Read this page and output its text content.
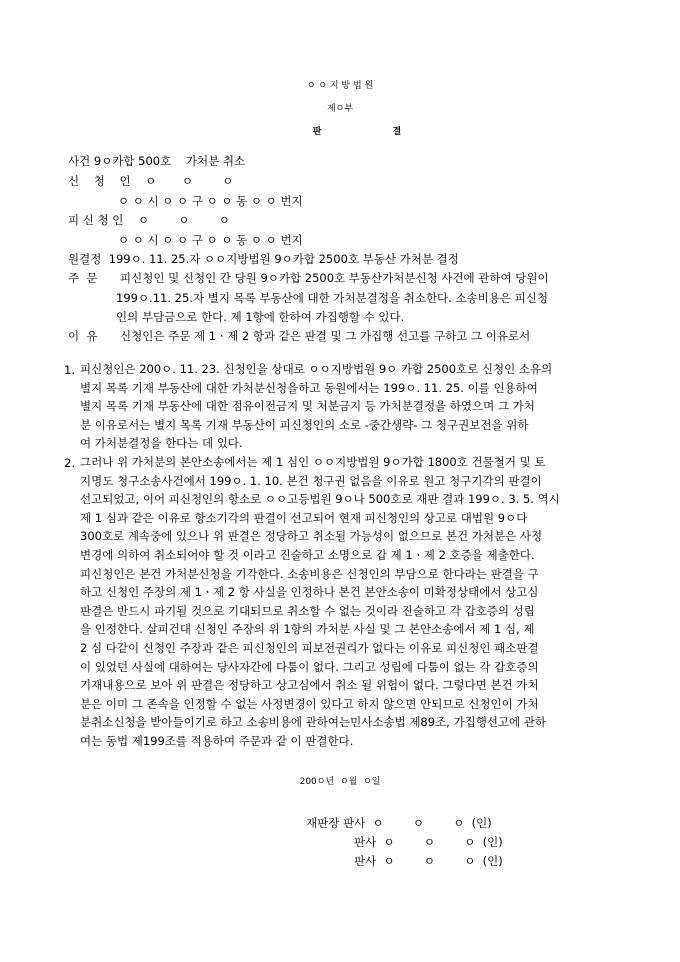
ㅇ ㅇ 지 방 법 원
제ㅇ부
판 결
사건 9ㅇ카합 500호    가처분 취소
신    청    인    ㅇ       ㅇ        ㅇ
ㅇ ㅇ 시 ㅇ ㅇ 구 ㅇ ㅇ 동 ㅇ ㅇ 번지
피 신 청 인    ㅇ        ㅇ        ㅇ
ㅇ ㅇ 시 ㅇ ㅇ 구 ㅇ ㅇ 동 ㅇ ㅇ 번지
원결정  199ㅇ. 11. 25.자 ㅇㅇ지방법원 9ㅇ카합 2500호 부동산 가처분 결정
주  문 피신청인 및 신청인 간 당원 9ㅇ카합 2500호 부동산가처분신청 사건에 관하여 당원이
199ㅇ.11. 25.자 별지 목록 부동산에 대한 가처분결정을 취소한다. 소송비용은 피신청
인의 부담금으로 한다. 제 1항에 한하여 가집행할 수 있다.
이  유 신청인은 주문 제 1ㆍ제 2 항과 같은 판결 및 그 가집행 선고를 구하고 그 이유로서
1. 피신청인은 200ㅇ. 11. 23. 신청인을 상대로 ㅇㅇ지방법원 9ㅇ 카합 2500호로 신청인 소유의

별지 목록 기재 부동산에 대한 가처분신청을하고 동원에서는 199ㅇ. 11. 25. 이를 인용하여

별지 목록 기재 부동산에 대한 점유이전금지 및 처분금지 등 가처분결정을 하였으며 그 가처

분 이유로서는 별지 목록 기재 부동산이 피신청인의 소로 -중간생략- 그 청구권보전을 위하

여 가처분결정을 한다는 데 있다.

2. 그러나 위 가처분의 본안소송에서는 제 1 심인 ㅇㅇ지방법원 9ㅇ가합 1800호 건물철거 및 토

지명도 청구소송사건에서 199ㅇ. 1. 10. 본건 청구권 없음을 이유로 원고 청구기각의 판결이

선고되었고, 이어 피신청인의 항소로 ㅇㅇ고등법원 9ㅇ나 500호로 재판 결과 199ㅇ. 3. 5. 역시

제 1 심과 같은 이유로 항소기각의 판결이 선고되어 현재 피신청인의 상고로 대법원 9ㅇ다

300호로 계속중에 있으나 위 판결은 정당하고 취소될 가능성이 없으므로 본건 가처분은 사정

변경에 의하여 취소되어야 할 것 이라고 진술하고 소명으로 갑 제 1ㆍ제 2 호증을 제출한다.

피신청인은 본건 가처분신청을 기각한다. 소송비용은 신청인의 부담으로 한다라는 판결을 구

하고 신청인 주장의 제 1ㆍ제 2 항 사실을 인정하나 본건 본안소송이 미확정상태에서 상고심

판결은 반드시 파기될 것으로 기대되므로 취소할 수 없는 것이라 진술하고 각 갑호증의 성립

을 인정한다. 살피건대 신청인 주장의 위 1항의 가처분 사실 및 그 본안소송에서 제 1 심, 제

2 심 다같이 신청인 주장과 같은 피신청인의 피보전권리가 없다는 이유로 피신청인 패소판결

이 있었던 사실에 대하여는 당사자간에 다툼이 없다. 그리고 성립에 다툼이 없는 각 갑호증의

기재내용으로 보아 위 판결은 정당하고 상고심에서 취소 될 위험이 없다. 그렇다면 본건 가처

분은 이미 그 존속을 인정할 수 없는 사정변경이 있다고 하지 않으면 안되므로 신청인이 가처

분취소신청을 받아들이기로 하고 소송비용에 관하여는민사소송법 제89조, 가집행선고에 관하

여는 동법 제199조를 적용하여 주문과 같 이 판결한다.

200ㅇ년  ㅇ월  ㅇ일
재판장 판사  ㅇ        ㅇ        ㅇ  (인)
판사  ㅇ        ㅇ        ㅇ  (인)
판사  ㅇ        ㅇ        ㅇ  (인)
